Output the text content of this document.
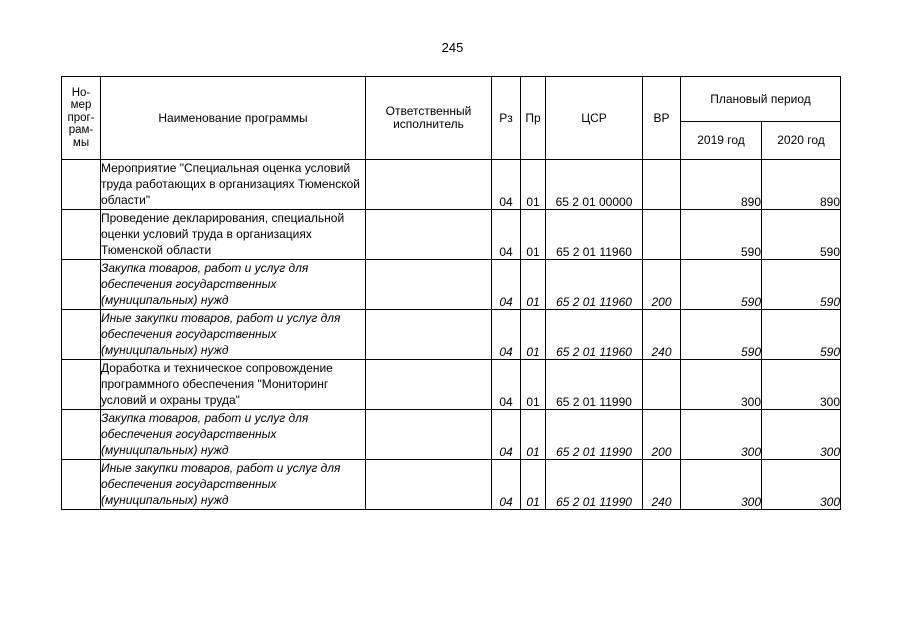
245
Но-мер прог-рам-мы	Наименование программы	Ответственный исполнитель	Рз	Пр	ЦСР	ВР	Плановый период	
							2019 год	2020 год
	Мероприятие "Специальная оценка условий труда работающих в организациях Тюменской области"		04	01	65 2 01 00000		890	890
	Проведение декларирования, специальной оценки условий труда в организациях Тюменской области		04	01	65 2 01 11960		590	590
	Закупка товаров, работ и услуг для обеспечения государственных (муниципальных) нужд		04	01	65 2 01 11960	200	590	590
	Иные закупки товаров, работ и услуг для обеспечения государственных (муниципальных) нужд		04	01	65 2 01 11960	240	590	590
	Доработка и техническое сопровождение программного обеспечения "Мониторинг условий и охраны труда"		04	01	65 2 01 11990		300	300
	Закупка товаров, работ и услуг для обеспечения государственных (муниципальных) нужд		04	01	65 2 01 11990	200	300	300
	Иные закупки товаров, работ и услуг для обеспечения государственных (муниципальных) нужд		04	01	65 2 01 11990	240	300	300
